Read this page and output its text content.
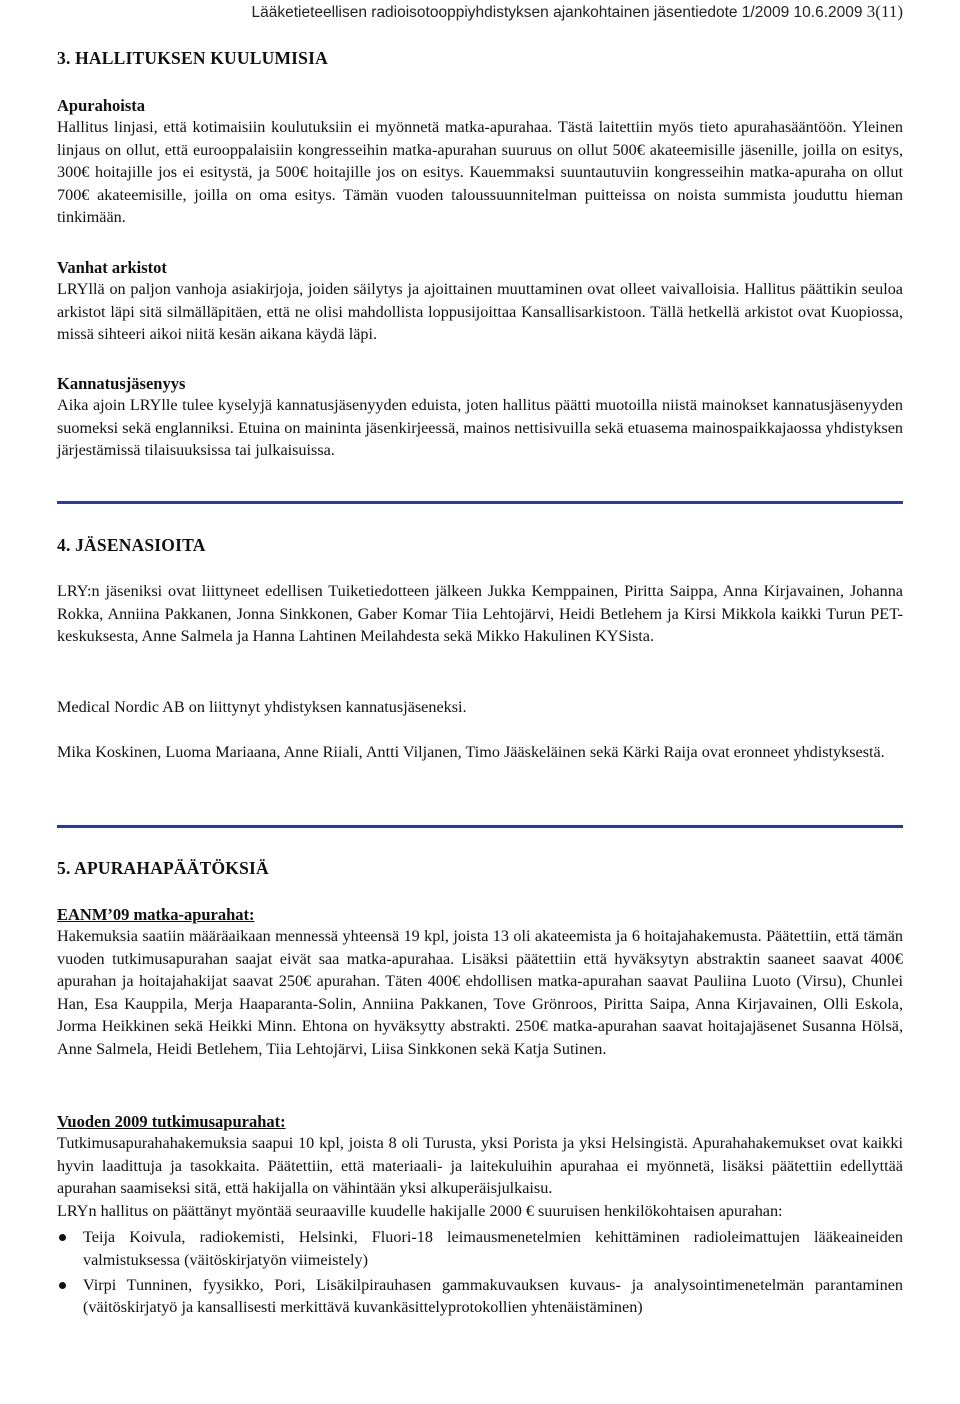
Lääketieteellisen radioisotooppiyhdistyksen ajankohtainen jäsentiedote 1/2009 10.6.2009 3(11)
3. HALLITUKSEN KUULUMISIA
Apurahoista

Hallitus linjasi, että kotimaisiin koulutuksiin ei myönnetä matka-apurahaa. Tästä laitettiin myös tieto apurahasääntöön. Yleinen linjaus on ollut, että eurooppalaisiin kongresseihin matka-apurahan suuruus on ollut 500€ akateemisille jäsenille, joilla on esitys, 300€ hoitajille jos ei esitystä, ja 500€ hoitajille jos on esitys. Kauemmaksi suuntautuviin kongresseihin matka-apuraha on ollut 700€ akateemisille, joilla on oma esitys. Tämän vuoden taloussuunnitelman puitteissa on noista summista jouduttu hieman tinkimään.

Vanhat arkistot

LRYllä on paljon vanhoja asiakirjoja, joiden säilytys ja ajoittainen muuttaminen ovat olleet vaivalloisia. Hallitus päättikin seuloa arkistot läpi sitä silmälläpitäen, että ne olisi mahdollista loppusijoittaa Kansallisarkistoon. Tällä hetkellä arkistot ovat Kuopiossa, missä sihteeri aikoi niitä kesän aikana käydä läpi.

Kannatusjäsenyys

Aika ajoin LRYlle tulee kyselyjä kannatusjäsenyyden eduista, joten hallitus päätti muotoilla niistä mainokset kannatusjäsenyyden suomeksi sekä englanniksi. Etuina on maininta jäsenkirjeessä, mainos nettisivuilla sekä etuasema mainospaikkajaossa yhdistyksen järjestämissä tilaisuuksissa tai julkaisuissa.

4. JÄSENASIOITA

LRY:n jäseniksi ovat liittyneet edellisen Tuiketiedotteen jälkeen Jukka Kemppainen, Piritta Saippa, Anna Kirjavainen, Johanna Rokka, Anniina Pakkanen, Jonna Sinkkonen, Gaber Komar Tiia Lehtojärvi, Heidi Betlehem ja Kirsi Mikkola kaikki Turun PET- keskuksesta, Anne Salmela ja Hanna Lahtinen Meilahdesta sekä Mikko Hakulinen KYSista.

Medical Nordic AB on liittynyt yhdistyksen kannatusjäseneksi.

Mika Koskinen, Luoma Mariaana, Anne Riiali, Antti Viljanen, Timo Jääskeläinen sekä Kärki Raija ovat eronneet yhdistyksestä.

5. APURAHAPÄÄTÖKSIÄ
EANM’09 matka-apurahat:

Hakemuksia saatiin määräaikaan mennessä yhteensä 19 kpl, joista 13 oli akateemista ja 6 hoitajahakemusta. Päätettiin, että tämän vuoden tutkimusapurahan saajat eivät saa matka-apurahaa. Lisäksi päätettiin että hyväksytyn abstraktin saaneet saavat 400€ apurahan ja hoitajahakijat saavat 250€ apurahan. Täten 400€ ehdollisen matka-apurahan saavat Pauliina Luoto (Virsu), Chunlei Han, Esa Kauppila, Merja Haaparanta-Solin, Anniina Pakkanen, Tove Grönroos, Piritta Saipa, Anna Kirjavainen, Olli Eskola, Jorma Heikkinen sekä Heikki Minn. Ehtona on hyväksytty abstrakti. 250€ matka-apurahan saavat hoitajajäsenet Susanna Hölsä, Anne Salmela, Heidi Betlehem, Tiia Lehtojärvi, Liisa Sinkkonen sekä Katja Sutinen.

Vuoden 2009 tutkimusapurahat:

Tutkimusapurahahakemuksia saapui 10 kpl, joista 8 oli Turusta, yksi Porista ja yksi Helsingistä. Apurahahakemukset ovat kaikki hyvin laadittuja ja tasokkaita. Päätettiin, että materiaali- ja laitekuluihin apurahaa ei myönnetä, lisäksi päätettiin edellyttää apurahan saamiseksi sitä, että hakijalla on vähintään yksi alkuperäisjulkaisu.

LRYn hallitus on päättänyt myöntää seuraaville kuudelle hakijalle 2000 € suuruisen henkilökohtaisen apurahan:

Teija Koivula, radiokemisti, Helsinki, Fluori-18 leimausmenetelmien kehittäminen radioleimattujen lääkeaineiden valmistuksessa (väitöskirjatyön viimeistely)
Virpi Tunninen, fyysikko, Pori, Lisäkilpirauhasen gammakuvauksen kuvaus- ja analysointimenetelmän parantaminen (väitöskirjatyö ja kansallisesti merkittävä kuvankäsittelyprotokollien yhtenäistäminen)
